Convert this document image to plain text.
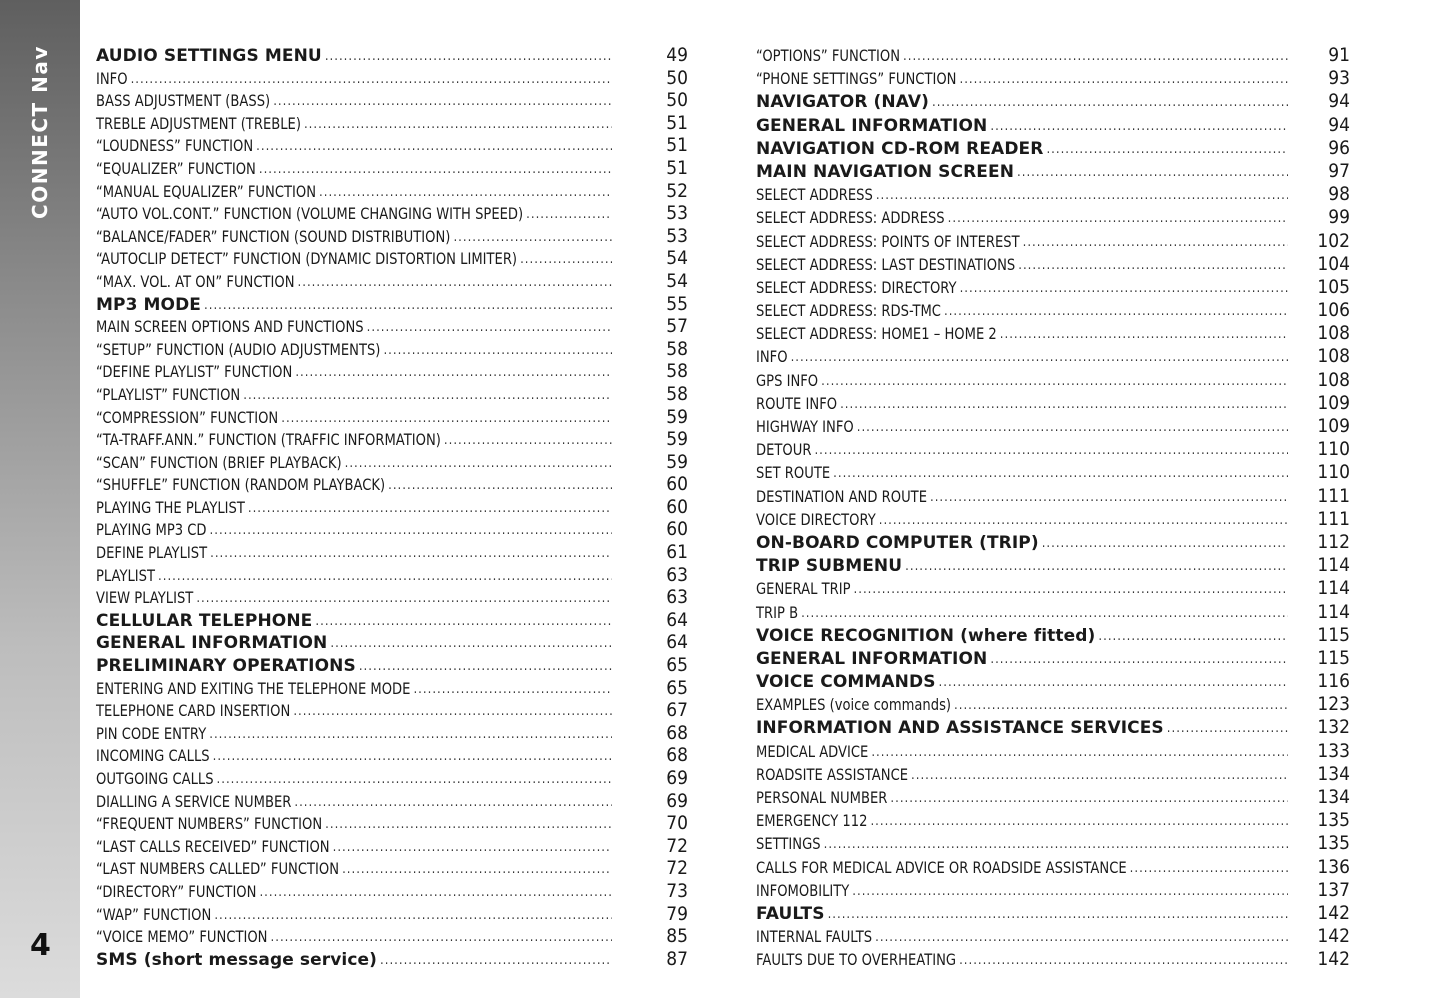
CONNECT Nav
4
AUDIO SETTINGS MENU .....	49
INFO .....	50
BASS ADJUSTMENT (BASS) .....	50
TREBLE ADJUSTMENT (TREBLE) .....	51
“LOUDNESS” FUNCTION .....	51
“EQUALIZER” FUNCTION .....	51
“MANUAL EQUALIZER” FUNCTION .....	52
“AUTO VOL.CONT.” FUNCTION (VOLUME CHANGING WITH SPEED) .....	53
“BALANCE/FADER” FUNCTION (SOUND DISTRIBUTION) .....	53
“AUTOCLIP DETECT” FUNCTION (DYNAMIC DISTORTION LIMITER) .....	54
“MAX. VOL. AT ON” FUNCTION .....	54
MP3 MODE .....	55
MAIN SCREEN OPTIONS AND FUNCTIONS .....	57
“SETUP” FUNCTION (AUDIO ADJUSTMENTS) .....	58
“DEFINE PLAYLIST” FUNCTION .....	58
“PLAYLIST” FUNCTION .....	58
“COMPRESSION” FUNCTION .....	59
“TA-TRAFF.ANN.” FUNCTION (TRAFFIC INFORMATION) .....	59
“SCAN” FUNCTION (BRIEF PLAYBACK) .....	59
“SHUFFLE” FUNCTION (RANDOM PLAYBACK) .....	60
PLAYING THE PLAYLIST .....	60
PLAYING MP3 CD .....	60
DEFINE PLAYLIST .....	61
PLAYLIST .....	63
VIEW PLAYLIST .....	63
CELLULAR TELEPHONE .....	64
GENERAL INFORMATION .....	64
PRELIMINARY OPERATIONS .....	65
ENTERING AND EXITING THE TELEPHONE MODE .....	65
TELEPHONE CARD INSERTION .....	67
PIN CODE ENTRY .....	68
INCOMING CALLS .....	68
OUTGOING CALLS .....	69
DIALLING A SERVICE NUMBER .....	69
“FREQUENT NUMBERS” FUNCTION .....	70
“LAST CALLS RECEIVED” FUNCTION .....	72
“LAST NUMBERS CALLED” FUNCTION .....	72
“DIRECTORY” FUNCTION .....	73
“WAP” FUNCTION .....	79
“VOICE MEMO” FUNCTION .....	85
SMS (short message service) .....	87
“OPTIONS” FUNCTION .....	91
“PHONE SETTINGS” FUNCTION .....	93
NAVIGATOR (NAV) .....	94
GENERAL INFORMATION .....	94
NAVIGATION CD-ROM READER .....	96
MAIN NAVIGATION SCREEN .....	97
SELECT ADDRESS .....	98
SELECT ADDRESS: ADDRESS .....	99
SELECT ADDRESS: POINTS OF INTEREST .....	102
SELECT ADDRESS: LAST DESTINATIONS .....	104
SELECT ADDRESS: DIRECTORY .....	105
SELECT ADDRESS: RDS-TMC .....	106
SELECT ADDRESS: HOME1 – HOME 2 .....	108
INFO .....	108
GPS INFO .....	108
ROUTE INFO .....	109
HIGHWAY INFO .....	109
DETOUR .....	110
SET ROUTE .....	110
DESTINATION AND ROUTE .....	111
VOICE DIRECTORY .....	111
ON-BOARD COMPUTER (TRIP) .....	112
TRIP SUBMENU .....	114
GENERAL TRIP .....	114
TRIP B .....	114
VOICE RECOGNITION (where fitted) .....	115
GENERAL INFORMATION .....	115
VOICE COMMANDS .....	116
EXAMPLES (voice commands) .....	123
INFORMATION AND ASSISTANCE SERVICES .....	132
MEDICAL ADVICE .....	133
ROADSITE ASSISTANCE .....	134
PERSONAL NUMBER .....	134
EMERGENCY 112 .....	135
SETTINGS .....	135
CALLS FOR MEDICAL ADVICE OR ROADSIDE ASSISTANCE .....	136
INFOMOBILITY .....	137
FAULTS .....	142
INTERNAL FAULTS .....	142
FAULTS DUE TO OVERHEATING .....	142
